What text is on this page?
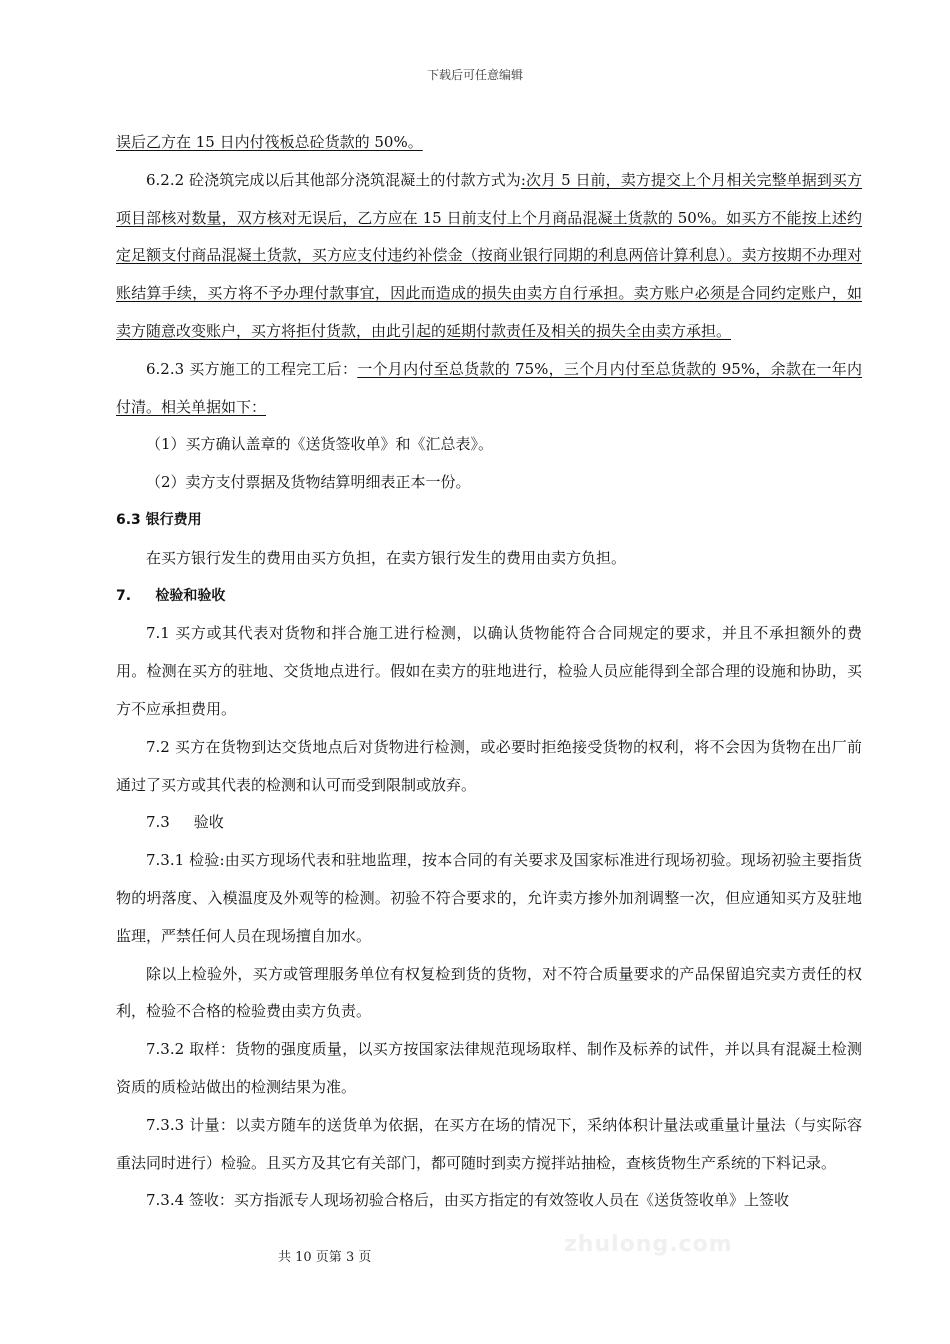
下载后可任意编辑

误后乙方在 15 日内付筏板总砼货款的 50%。

6.2.2 砼浇筑完成以后其他部分浇筑混凝土的付款方式为:次月 5 日前，卖方提交上个月相关完整单据到买方项目部核对数量，双方核对无误后，乙方应在 15 日前支付上个月商品混凝土货款的 50%。如买方不能按上述约定足额支付商品混凝土货款，买方应支付违约补偿金（按商业银行同期的利息两倍计算利息）。卖方按期不办理对账结算手续，买方将不予办理付款事宜，因此而造成的损失由卖方自行承担。卖方账户必须是合同约定账户，如卖方随意改变账户，买方将拒付货款，由此引起的延期付款责任及相关的损失全由卖方承担。

6.2.3 买方施工的工程完工后：一个月内付至总货款的 75%，三个月内付至总货款的 95%，余款在一年内付清。相关单据如下：

（1）买方确认盖章的《送货签收单》和《汇总表》。

（2）卖方支付票据及货物结算明细表正本一份。

6.3 银行费用

在买方银行发生的费用由买方负担，在卖方银行发生的费用由卖方负担。

7.     检验和验收

7.1 买方或其代表对货物和拌合施工进行检测，以确认货物能符合合同规定的要求，并且不承担额外的费用。检测在买方的驻地、交货地点进行。假如在卖方的驻地进行，检验人员应能得到全部合理的设施和协助，买方不应承担费用。

7.2 买方在货物到达交货地点后对货物进行检测，或必要时拒绝接受货物的权利，将不会因为货物在出厂前通过了买方或其代表的检测和认可而受到限制或放弃。

7.3     验收

7.3.1 检验:由买方现场代表和驻地监理，按本合同的有关要求及国家标准进行现场初验。现场初验主要指货物的坍落度、入模温度及外观等的检测。初验不符合要求的，允许卖方掺外加剂调整一次，但应通知买方及驻地监理，严禁任何人员在现场擅自加水。

除以上检验外，买方或管理服务单位有权复检到货的货物，对不符合质量要求的产品保留追究卖方责任的权利，检验不合格的检验费由卖方负责。

7.3.2 取样：货物的强度质量，以买方按国家法律规范现场取样、制作及标养的试件，并以具有混凝土检测资质的质检站做出的检测结果为准。

7.3.3 计量：以卖方随车的送货单为依据，在买方在场的情况下，采纳体积计量法或重量计量法（与实际容重法同时进行）检验。且买方及其它有关部门，都可随时到卖方搅拌站抽检，查核货物生产系统的下料记录。

7.3.4 签收：买方指派专人现场初验合格后，由买方指定的有效签收人员在《送货签收单》上签收

共 10 页第 3 页
zhulong.com
